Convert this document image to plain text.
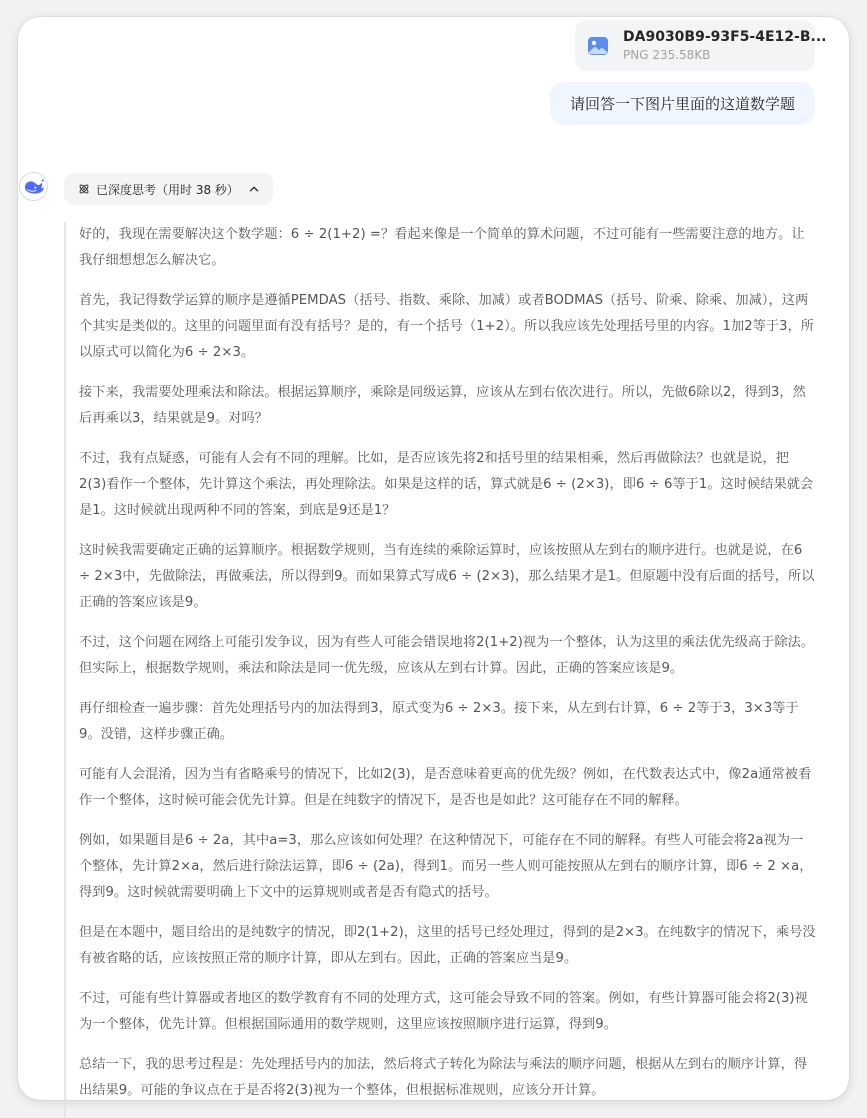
DA9030B9-93F5-4E12-B...
PNG 235.58KB
请回答一下图片里面的这道数学题
已深度思考（用时 38 秒）

好的，我现在需要解决这个数学题：6 ÷ 2(1+2) =？看起来像是一个简单的算术问题，不过可能有一些需要注意的地方。让我仔细想想怎么解决它。

首先，我记得数学运算的顺序是遵循PEMDAS（括号、指数、乘除、加减）或者BODMAS（括号、阶乘、除乘、加减），这两个其实是类似的。这里的问题里面有没有括号？是的，有一个括号（1+2）。所以我应该先处理括号里的内容。1加2等于3，所以原式可以简化为6 ÷ 2×3。

接下来，我需要处理乘法和除法。根据运算顺序，乘除是同级运算，应该从左到右依次进行。所以，先做6除以2，得到3，然后再乘以3，结果就是9。对吗？

不过，我有点疑惑，可能有人会有不同的理解。比如，是否应该先将2和括号里的结果相乘，然后再做除法？也就是说，把2(3)看作一个整体，先计算这个乘法，再处理除法。如果是这样的话，算式就是6 ÷ (2×3)，即6 ÷ 6等于1。这时候结果就会是1。这时候就出现两种不同的答案，到底是9还是1？

这时候我需要确定正确的运算顺序。根据数学规则，当有连续的乘除运算时，应该按照从左到右的顺序进行。也就是说，在6 ÷ 2×3中，先做除法，再做乘法，所以得到9。而如果算式写成6 ÷ (2×3)，那么结果才是1。但原题中没有后面的括号，所以正确的答案应该是9。

不过，这个问题在网络上可能引发争议，因为有些人可能会错误地将2(1+2)视为一个整体，认为这里的乘法优先级高于除法。但实际上，根据数学规则，乘法和除法是同一优先级，应该从左到右计算。因此，正确的答案应该是9。

再仔细检查一遍步骤：首先处理括号内的加法得到3，原式变为6 ÷ 2×3。接下来，从左到右计算，6 ÷ 2等于3，3×3等于9。没错，这样步骤正确。

可能有人会混淆，因为当有省略乘号的情况下，比如2(3)，是否意味着更高的优先级？例如，在代数表达式中，像2a通常被看作一个整体，这时候可能会优先计算。但是在纯数字的情况下，是否也是如此？这可能存在不同的解释。

例如，如果题目是6 ÷ 2a，其中a=3，那么应该如何处理？在这种情况下，可能存在不同的解释。有些人可能会将2a视为一个整体，先计算2×a，然后进行除法运算，即6 ÷ (2a)，得到1。而另一些人则可能按照从左到右的顺序计算，即6 ÷ 2 ×a，得到9。这时候就需要明确上下文中的运算规则或者是否有隐式的括号。

但是在本题中，题目给出的是纯数字的情况，即2(1+2)，这里的括号已经处理过，得到的是2×3。在纯数字的情况下，乘号没有被省略的话，应该按照正常的顺序计算，即从左到右。因此，正确的答案应当是9。

不过，可能有些计算器或者地区的数学教育有不同的处理方式，这可能会导致不同的答案。例如，有些计算器可能会将2(3)视为一个整体，优先计算。但根据国际通用的数学规则，这里应该按照顺序进行运算，得到9。

总结一下，我的思考过程是：先处理括号内的加法，然后将式子转化为除法与乘法的顺序问题，根据从左到右的顺序计算，得出结果9。可能的争议点在于是否将2(3)视为一个整体，但根据标准规则，应该分开计算。
